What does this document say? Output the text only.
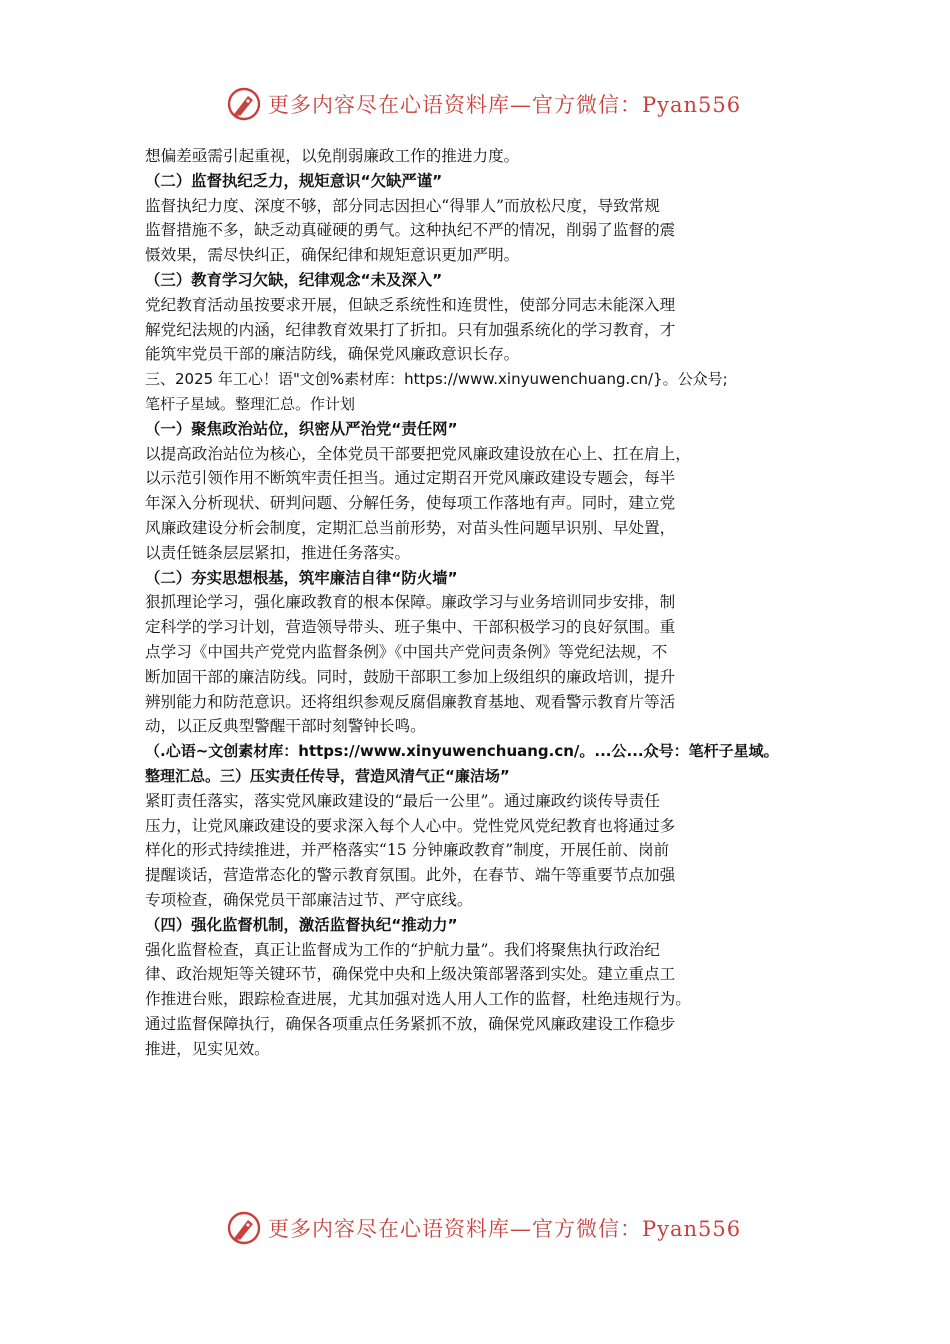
更多内容尽在心语资料库—官方微信：Pyan556
想偏差亟需引起重视，以免削弱廉政工作的推进力度。
（二）监督执纪乏力，规矩意识“欠缺严谨”
监督执纪力度、深度不够，部分同志因担心“得罪人”而放松尺度，导致常规
监督措施不多，缺乏动真碰硬的勇气。这种执纪不严的情况，削弱了监督的震
慑效果，需尽快纠正，确保纪律和规矩意识更加严明。
（三）教育学习欠缺，纪律观念“未及深入”
党纪教育活动虽按要求开展，但缺乏系统性和连贯性，使部分同志未能深入理
解党纪法规的内涵，纪律教育效果打了折扣。只有加强系统化的学习教育，才
能筑牢党员干部的廉洁防线，确保党风廉政意识长存。
三、2025 年工心！语"文创%素材库：https://www.xinyuwenchuang.cn/}。公众号;
笔杆子星域。整理汇总。作计划
（一）聚焦政治站位，织密从严治党“责任网”
以提高政治站位为核心，全体党员干部要把党风廉政建设放在心上、扛在肩上，
以示范引领作用不断筑牢责任担当。通过定期召开党风廉政建设专题会，每半
年深入分析现状、研判问题、分解任务，使每项工作落地有声。同时，建立党
风廉政建设分析会制度，定期汇总当前形势，对苗头性问题早识别、早处置，
以责任链条层层紧扣，推进任务落实。
（二）夯实思想根基，筑牢廉洁自律“防火墙”
狠抓理论学习，强化廉政教育的根本保障。廉政学习与业务培训同步安排，制
定科学的学习计划，营造领导带头、班子集中、干部积极学习的良好氛围。重
点学习《中国共产党党内监督条例》《中国共产党问责条例》等党纪法规，不
断加固干部的廉洁防线。同时，鼓励干部职工参加上级组织的廉政培训，提升
辨别能力和防范意识。还将组织参观反腐倡廉教育基地、观看警示教育片等活
动，以正反典型警醒干部时刻警钟长鸣。
（.心语~文创素材库：https://www.xinyuwenchuang.cn/。...公...众号：笔杆子星域。
整理汇总。三）压实责任传导，营造风清气正“廉洁场”
紧盯责任落实，落实党风廉政建设的“最后一公里”。通过廉政约谈传导责任
压力，让党风廉政建设的要求深入每个人心中。党性党风党纪教育也将通过多
样化的形式持续推进，并严格落实“15 分钟廉政教育”制度，开展任前、岗前
提醒谈话，营造常态化的警示教育氛围。此外，在春节、端午等重要节点加强
专项检查，确保党员干部廉洁过节、严守底线。
（四）强化监督机制，激活监督执纪“推动力”
强化监督检查，真正让监督成为工作的“护航力量”。我们将聚焦执行政治纪
律、政治规矩等关键环节，确保党中央和上级决策部署落到实处。建立重点工
作推进台账，跟踪检查进展，尤其加强对选人用人工作的监督，杜绝违规行为。
通过监督保障执行，确保各项重点任务紧抓不放，确保党风廉政建设工作稳步
推进，见实见效。
更多内容尽在心语资料库—官方微信：Pyan556
